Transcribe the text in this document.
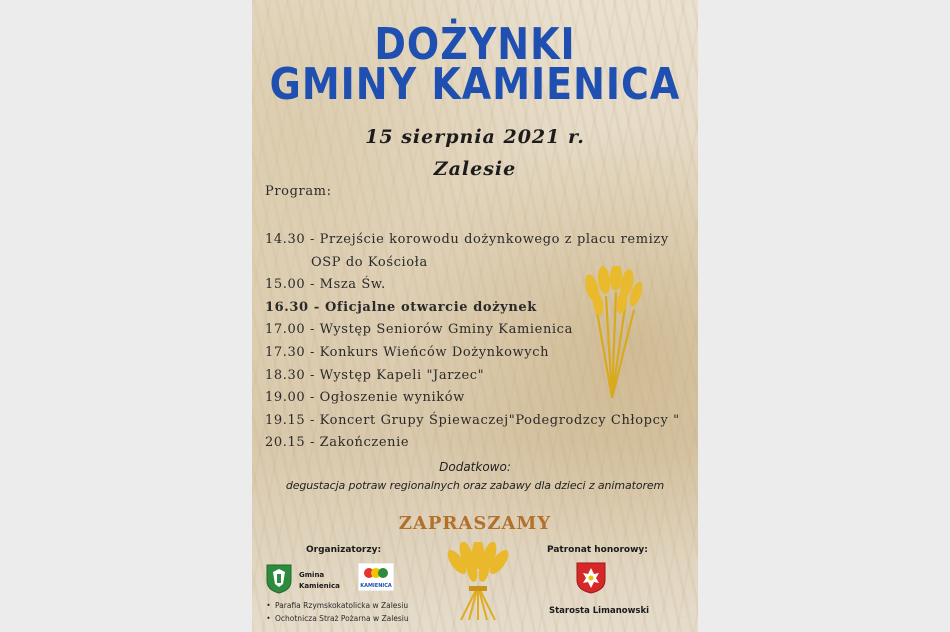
DOŻYNKI
GMINY KAMIENICA
15 sierpnia 2021 r.
Zalesie
Program:
14.30 - Przejście korowodu dożynkowego z placu remizy
OSP do Kościoła
15.00 - Msza Św.
16.30 - Oficjalne otwarcie dożynek
17.00 - Występ Seniorów Gminy Kamienica
17.30 - Konkurs Wieńców Dożynkowych
18.30 - Występ Kapeli "Jarzec"
19.00 - Ogłoszenie wyników
19.15 - Koncert Grupy Śpiewaczej"Podegrodzcy Chłopcy "
20.15 - Zakończenie
Dodatkowo:
degustacja potraw regionalnych oraz zabawy dla dzieci z animatorem
ZAPRASZAMY
Organizatorzy:	Patronat honorowy:
Gmina
Kamienica	KAMIENICA
• Parafia Rzymskokatolicka w Zalesiu
• Ochotnicza Straż Pożarna w Zalesiu
Starosta Limanowski
